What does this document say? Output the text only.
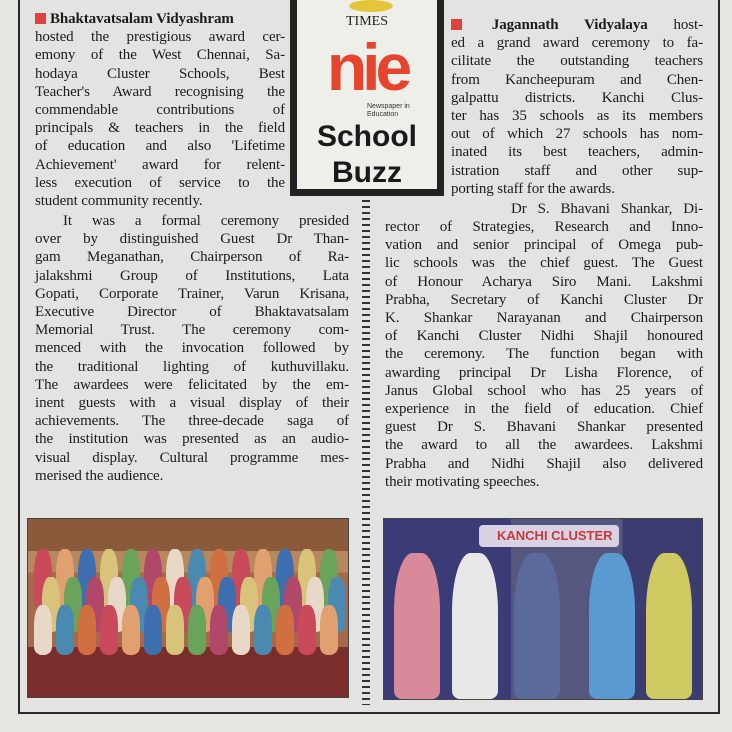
Bhaktavatsalam Vidyashram
hosted the prestigious award cer-
emony of the West Chennai, Sa-
hodaya Cluster Schools, Best
Teacher's Award recognising the
commendable contributions of
principals & teachers in the field
of education and also 'Lifetime
Achievement' award for relent-
less execution of service to the
student community recently.
It was a formal ceremony presided
over by distinguished Guest Dr Than-
gam Meganathan, Chairperson of Ra-
jalakshmi Group of Institutions, Lata
Gopati, Corporate Trainer, Varun Krisana,
Executive Director of Bhaktavatsalam
Memorial Trust. The ceremony com-
menced with the invocation followed by
the traditional lighting of kuthuvillaku.
The awardees were felicitated by the em-
inent guests with a visual display of their
achievements. The three-decade saga of
the institution was presented as an audio-
visual display. Cultural programme mes-
merised the audience.
TIMES
nie
Newspaper in Education
School
Buzz
Jagannath Vidyalaya host-
ed a grand award ceremony to fa-
cilitate the outstanding teachers
from Kancheepuram and Chen-
galpattu districts. Kanchi Clus-
ter has 35 schools as its members
out of which 27 schools has nom-
inated its best teachers, admin-
istration staff and other sup-
porting staff for the awards.
Dr S. Bhavani Shankar, Di-
rector of Strategies, Research and Inno-
vation and senior principal of Omega pub-
lic schools was the chief guest. The Guest
of Honour Acharya Siro Mani. Lakshmi
Prabha, Secretary of Kanchi Cluster Dr
K. Shankar Narayanan and Chairperson
of Kanchi Cluster Nidhi Shajil honoured
the ceremony. The function began with
awarding principal Dr Lisha Florence, of
Janus Global school who has 25 years of
experience in the field of education. Chief
guest Dr S. Bhavani Shankar presented
the award to all the awardees. Lakshmi
Prabha and Nidhi Shajil also delivered
their motivating speeches.
KANCHI CLUSTER
